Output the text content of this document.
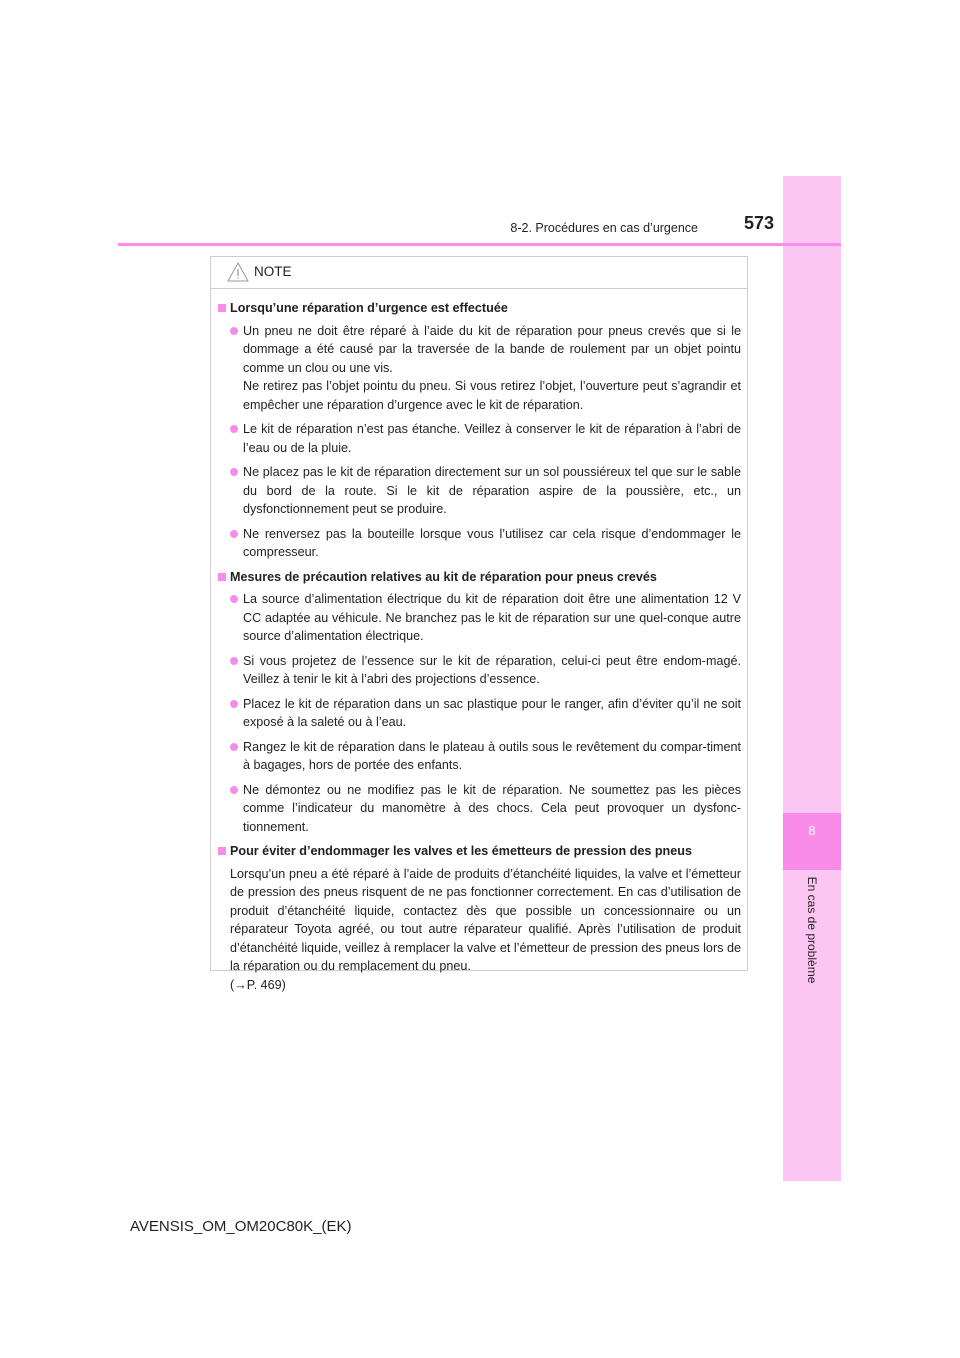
8
En cas de problème
8-2. Procédures en cas d’urgence	573
NOTE

Lorsqu’une réparation d’urgence est effectuée

Un pneu ne doit être réparé à l’aide du kit de réparation pour pneus crevés que si le dommage a été causé par la traversée de la bande de roulement par un objet pointu comme un clou ou une vis.
Ne retirez pas l’objet pointu du pneu. Si vous retirez l’objet, l’ouverture peut s’agrandir et empêcher une réparation d’urgence avec le kit de réparation.
Le kit de réparation n’est pas étanche. Veillez à conserver le kit de réparation à l’abri de l’eau ou de la pluie.
Ne placez pas le kit de réparation directement sur un sol poussiéreux tel que sur le sable du bord de la route. Si le kit de réparation aspire de la poussière, etc., un dysfonctionnement peut se produire.
Ne renversez pas la bouteille lorsque vous l’utilisez car cela risque d’endommager le compresseur.

Mesures de précaution relatives au kit de réparation pour pneus crevés

La source d’alimentation électrique du kit de réparation doit être une alimentation 12 V CC adaptée au véhicule. Ne branchez pas le kit de réparation sur une quel-conque autre source d’alimentation électrique.
Si vous projetez de l’essence sur le kit de réparation, celui-ci peut être endom-magé. Veillez à tenir le kit à l’abri des projections d’essence.
Placez le kit de réparation dans un sac plastique pour le ranger, afin d’éviter qu’il ne soit exposé à la saleté ou à l’eau.
Rangez le kit de réparation dans le plateau à outils sous le revêtement du compar-timent à bagages, hors de portée des enfants.
Ne démontez ou ne modifiez pas le kit de réparation. Ne soumettez pas les pièces comme l’indicateur du manomètre à des chocs. Cela peut provoquer un dysfonc-tionnement.

Pour éviter d’endommager les valves et les émetteurs de pression des pneus

Lorsqu’un pneu a été réparé à l’aide de produits d’étanchéité liquides, la valve et l’émetteur de pression des pneus risquent de ne pas fonctionner correctement. En cas d’utilisation de produit d’étanchéité liquide, contactez dès que possible un concessionnaire ou un réparateur Toyota agréé, ou tout autre réparateur qualifié. Après l’utilisation de produit d’étanchéité liquide, veillez à remplacer la valve et l’émetteur de pression des pneus lors de la réparation ou du remplacement du pneu.
(→P. 469)

AVENSIS_OM_OM20C80K_(EK)
